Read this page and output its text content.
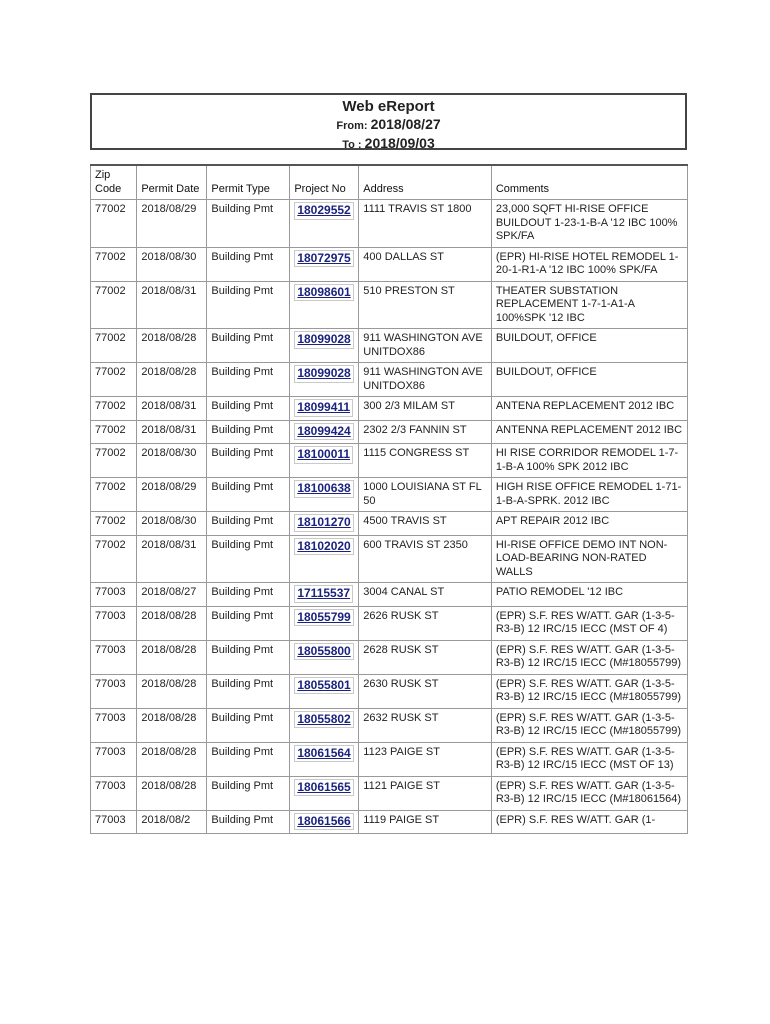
Web eReport
From: 2018/08/27
To : 2018/09/03
Zip Code	Permit Date	Permit Type	Project No	Address	Comments
77002	2018/08/29	Building Pmt	18029552	1111 TRAVIS ST 1800	23,000 SQFT HI-RISE OFFICE BUILDOUT 1-23-1-B-A '12 IBC 100% SPK/FA
77002	2018/08/30	Building Pmt	18072975	400 DALLAS ST	(EPR) HI-RISE HOTEL REMODEL 1-20-1-R1-A '12 IBC 100% SPK/FA
77002	2018/08/31	Building Pmt	18098601	510 PRESTON ST	THEATER SUBSTATION REPLACEMENT 1-7-1-A1-A 100%SPK '12 IBC
77002	2018/08/28	Building Pmt	18099028	911 WASHINGTON AVE UNITDOX86	BUILDOUT, OFFICE
77002	2018/08/28	Building Pmt	18099028	911 WASHINGTON AVE UNITDOX86	BUILDOUT, OFFICE
77002	2018/08/31	Building Pmt	18099411	300 2/3 MILAM ST	ANTENA REPLACEMENT 2012 IBC
77002	2018/08/31	Building Pmt	18099424	2302 2/3 FANNIN ST	ANTENNA REPLACEMENT 2012 IBC
77002	2018/08/30	Building Pmt	18100011	1115 CONGRESS ST	HI RISE CORRIDOR REMODEL 1-7-1-B-A 100% SPK 2012 IBC
77002	2018/08/29	Building Pmt	18100638	1000 LOUISIANA ST FL 50	HIGH RISE OFFICE REMODEL 1-71-1-B-A-SPRK. 2012 IBC
77002	2018/08/30	Building Pmt	18101270	4500 TRAVIS ST	APT REPAIR 2012 IBC
77002	2018/08/31	Building Pmt	18102020	600 TRAVIS ST 2350	HI-RISE OFFICE DEMO INT NON-LOAD-BEARING NON-RATED WALLS
77003	2018/08/27	Building Pmt	17115537	3004 CANAL ST	PATIO REMODEL '12 IBC
77003	2018/08/28	Building Pmt	18055799	2626 RUSK ST	(EPR) S.F. RES W/ATT. GAR (1-3-5-R3-B) 12 IRC/15 IECC (MST OF 4)
77003	2018/08/28	Building Pmt	18055800	2628 RUSK ST	(EPR) S.F. RES W/ATT. GAR (1-3-5-R3-B) 12 IRC/15 IECC (M#18055799)
77003	2018/08/28	Building Pmt	18055801	2630 RUSK ST	(EPR) S.F. RES W/ATT. GAR (1-3-5-R3-B) 12 IRC/15 IECC (M#18055799)
77003	2018/08/28	Building Pmt	18055802	2632 RUSK ST	(EPR) S.F. RES W/ATT. GAR (1-3-5-R3-B) 12 IRC/15 IECC (M#18055799)
77003	2018/08/28	Building Pmt	18061564	1123 PAIGE ST	(EPR) S.F. RES W/ATT. GAR (1-3-5-R3-B) 12 IRC/15 IECC (MST OF 13)
77003	2018/08/28	Building Pmt	18061565	1121 PAIGE ST	(EPR) S.F. RES W/ATT. GAR (1-3-5-R3-B) 12 IRC/15 IECC (M#18061564)
77003	2018/08/2	Building Pmt	18061566	1119 PAIGE ST	(EPR) S.F. RES W/ATT. GAR (1-
